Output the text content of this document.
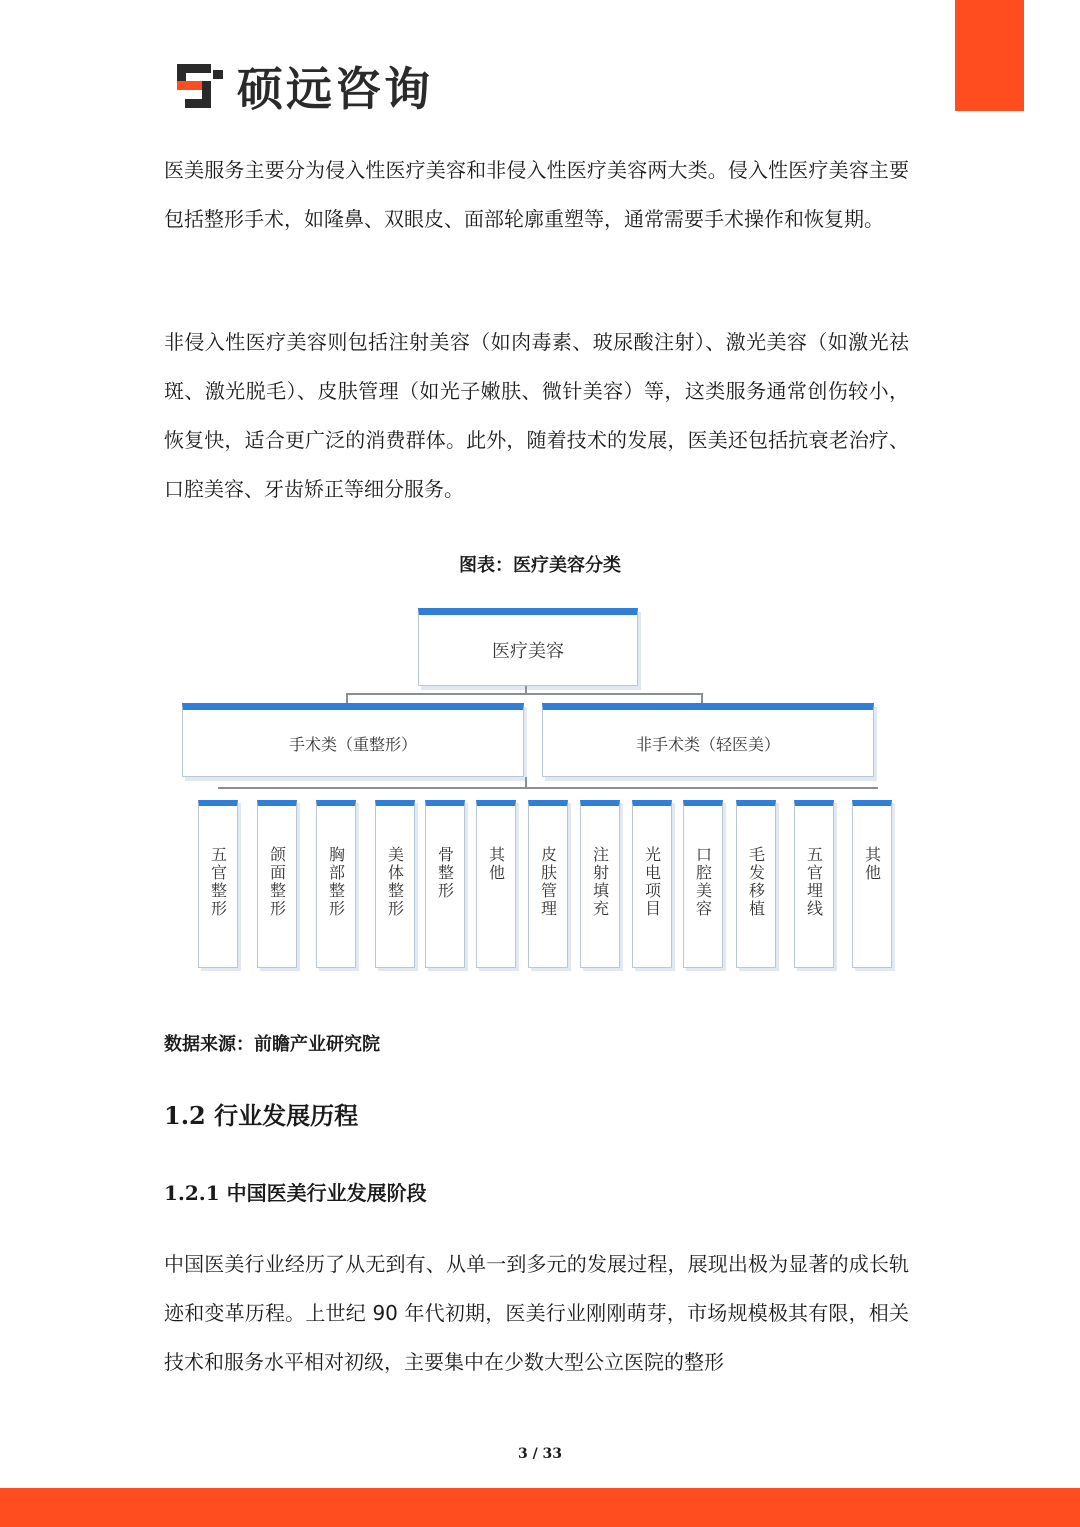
硕远咨询

医美服务主要分为侵入性医疗美容和非侵入性医疗美容两大类。侵入性医疗美容主要包括整形手术，如隆鼻、双眼皮、面部轮廓重塑等，通常需要手术操作和恢复期。

非侵入性医疗美容则包括注射美容（如肉毒素、玻尿酸注射）、激光美容（如激光祛斑、激光脱毛）、皮肤管理（如光子嫩肤、微针美容）等，这类服务通常创伤较小，恢复快，适合更广泛的消费群体。此外，随着技术的发展，医美还包括抗衰老治疗、口腔美容、牙齿矫正等细分服务。

图表：医疗美容分类
医疗美容
手术类（重整形）	非手术类（轻医美）
五官整形	颌面整形	胸部整形	美体整形 骨整形 其他 皮肤管理 注射填充 光电项目 口腔美容 毛发移植 五官埋线 其他
数据来源：前瞻产业研究院
1.2 行业发展历程
1.2.1 中国医美行业发展阶段

中国医美行业经历了从无到有、从单一到多元的发展过程，展现出极为显著的成长轨迹和变革历程。上世纪 90 年代初期，医美行业刚刚萌芽，市场规模极其有限，相关技术和服务水平相对初级，主要集中在少数大型公立医院的整形

3 / 33
